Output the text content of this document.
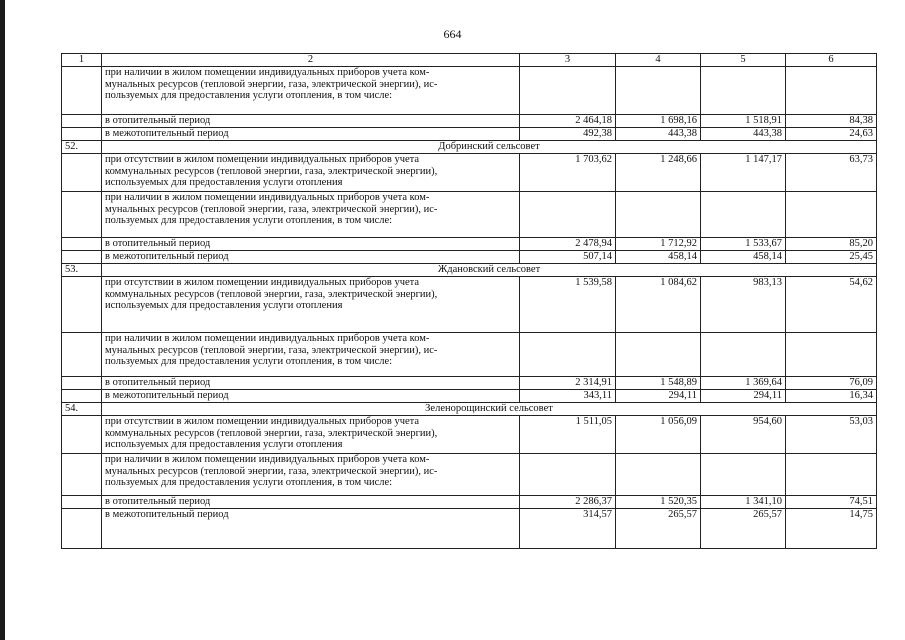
664
1	2	3	4	5	6

	при наличии в жилом помещении индивидуальных приборов учета ком-
мунальных ресурсов (тепловой энергии, газа, электрической энергии), ис-
пользуемых для предоставления услуги отопления, в том числе:				

	в отопительный период	2 464,18	1 698,16	1 518,91	84,38

	в межотопительный период	492,38	443,38	443,38	24,63
52.	Добринский сельсовет				

	при отсутствии в жилом помещении индивидуальных приборов учета
коммунальных ресурсов (тепловой энергии, газа, электрической энергии),
используемых для предоставления услуги отопления	1 703,62	1 248,66	1 147,17	63,73

	при наличии в жилом помещении индивидуальных приборов учета ком-
мунальных ресурсов (тепловой энергии, газа, электрической энергии), ис-
пользуемых для предоставления услуги отопления, в том числе:				

	в отопительный период	2 478,94	1 712,92	1 533,67	85,20

	в межотопительный период	507,14	458,14	458,14	25,45
53.	Ждановский сельсовет				

	при отсутствии в жилом помещении индивидуальных приборов учета
коммунальных ресурсов (тепловой энергии, газа, электрической энергии),
используемых для предоставления услуги отопления	1 539,58	1 084,62	983,13	54,62

	при наличии в жилом помещении индивидуальных приборов учета ком-
мунальных ресурсов (тепловой энергии, газа, электрической энергии), ис-
пользуемых для предоставления услуги отопления, в том числе:				

	в отопительный период	2 314,91	1 548,89	1 369,64	76,09

	в межотопительный период	343,11	294,11	294,11	16,34
54.	Зеленорощинский сельсовет				

	при отсутствии в жилом помещении индивидуальных приборов учета
коммунальных ресурсов (тепловой энергии, газа, электрической энергии),
используемых для предоставления услуги отопления	1 511,05	1 056,09	954,60	53,03

	при наличии в жилом помещении индивидуальных приборов учета ком-
мунальных ресурсов (тепловой энергии, газа, электрической энергии), ис-
пользуемых для предоставления услуги отопления, в том числе:				

	в отопительный период	2 286,37	1 520,35	1 341,10	74,51

	в межотопительный период	314,57	265,57	265,57	14,75
